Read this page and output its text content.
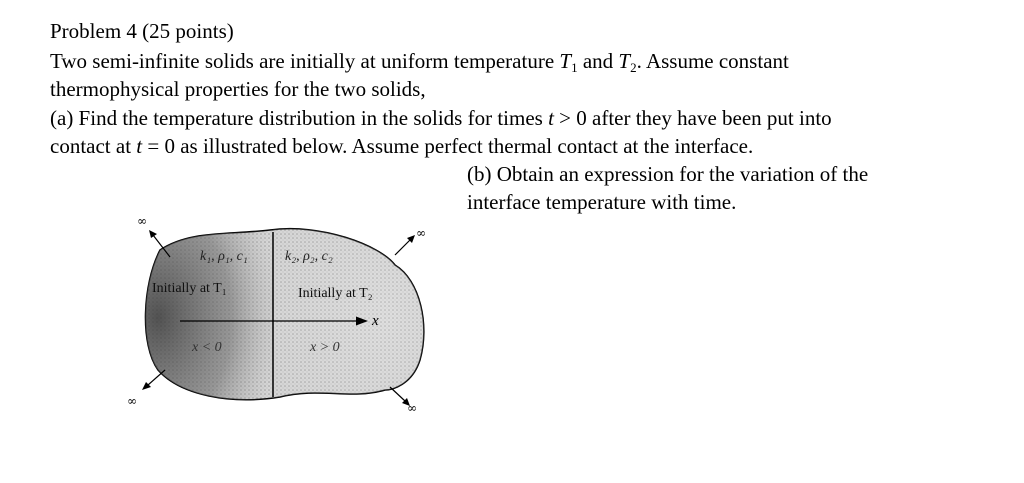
Problem 4 (25 points)
Two semi-infinite solids are initially at uniform temperature $T_1$ and $T_2$. Assume constant
thermophysical properties for the two solids,
(a) Find the temperature distribution in the solids for times t > 0 after they have been put into
contact at t = 0 as illustrated below. Assume perfect thermal contact at the interface.
(b) Obtain an expression for the variation of the
interface temperature with time.
∞
∞
∞	∞
k₁, ρ₁, c₁	k₂, ρ₂, c₂
Initially at T₁	Initially at T₂
x
x < 0	x > 0
